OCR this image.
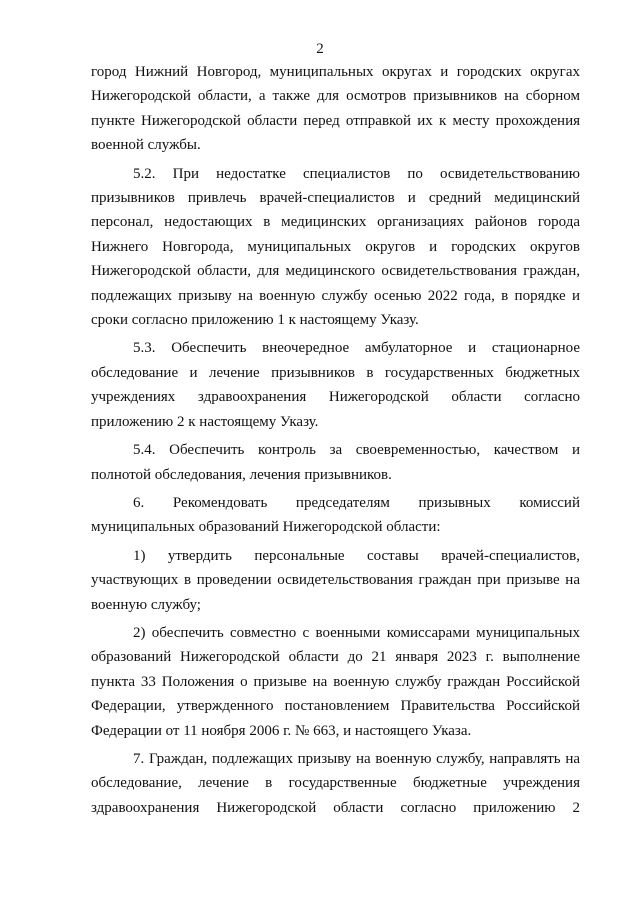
2

город Нижний Новгород, муниципальных округах и городских округах Нижегородской области, а также для осмотров призывников на сборном пункте Нижегородской области перед отправкой их к месту прохождения военной службы.

5.2. При недостатке специалистов по освидетельствованию призывников привлечь врачей-специалистов и средний медицинский персонал, недостающих в медицинских организациях районов города Нижнего Новгорода, муниципальных округов и городских округов Нижегородской области, для медицинского освидетельствования граждан, подлежащих призыву на военную службу осенью 2022 года, в порядке и сроки согласно приложению 1 к настоящему Указу.

5.3. Обеспечить внеочередное амбулаторное и стационарное обследование и лечение призывников в государственных бюджетных учреждениях здравоохранения Нижегородской области согласно приложению 2 к настоящему Указу.

5.4. Обеспечить контроль за своевременностью, качеством и полнотой обследования, лечения призывников.

6. Рекомендовать председателям призывных комиссий муниципальных образований Нижегородской области:

1) утвердить персональные составы врачей-специалистов, участвующих в проведении освидетельствования граждан при призыве на военную службу;

2) обеспечить совместно с военными комиссарами муниципальных образований Нижегородской области до 21 января 2023 г. выполнение пункта 33 Положения о призыве на военную службу граждан Российской Федерации, утвержденного постановлением Правительства Российской Федерации от 11 ноября 2006 г. № 663, и настоящего Указа.

7. Граждан, подлежащих призыву на военную службу, направлять на обследование, лечение в государственные бюджетные учреждения здравоохранения Нижегородской области согласно приложению 2
